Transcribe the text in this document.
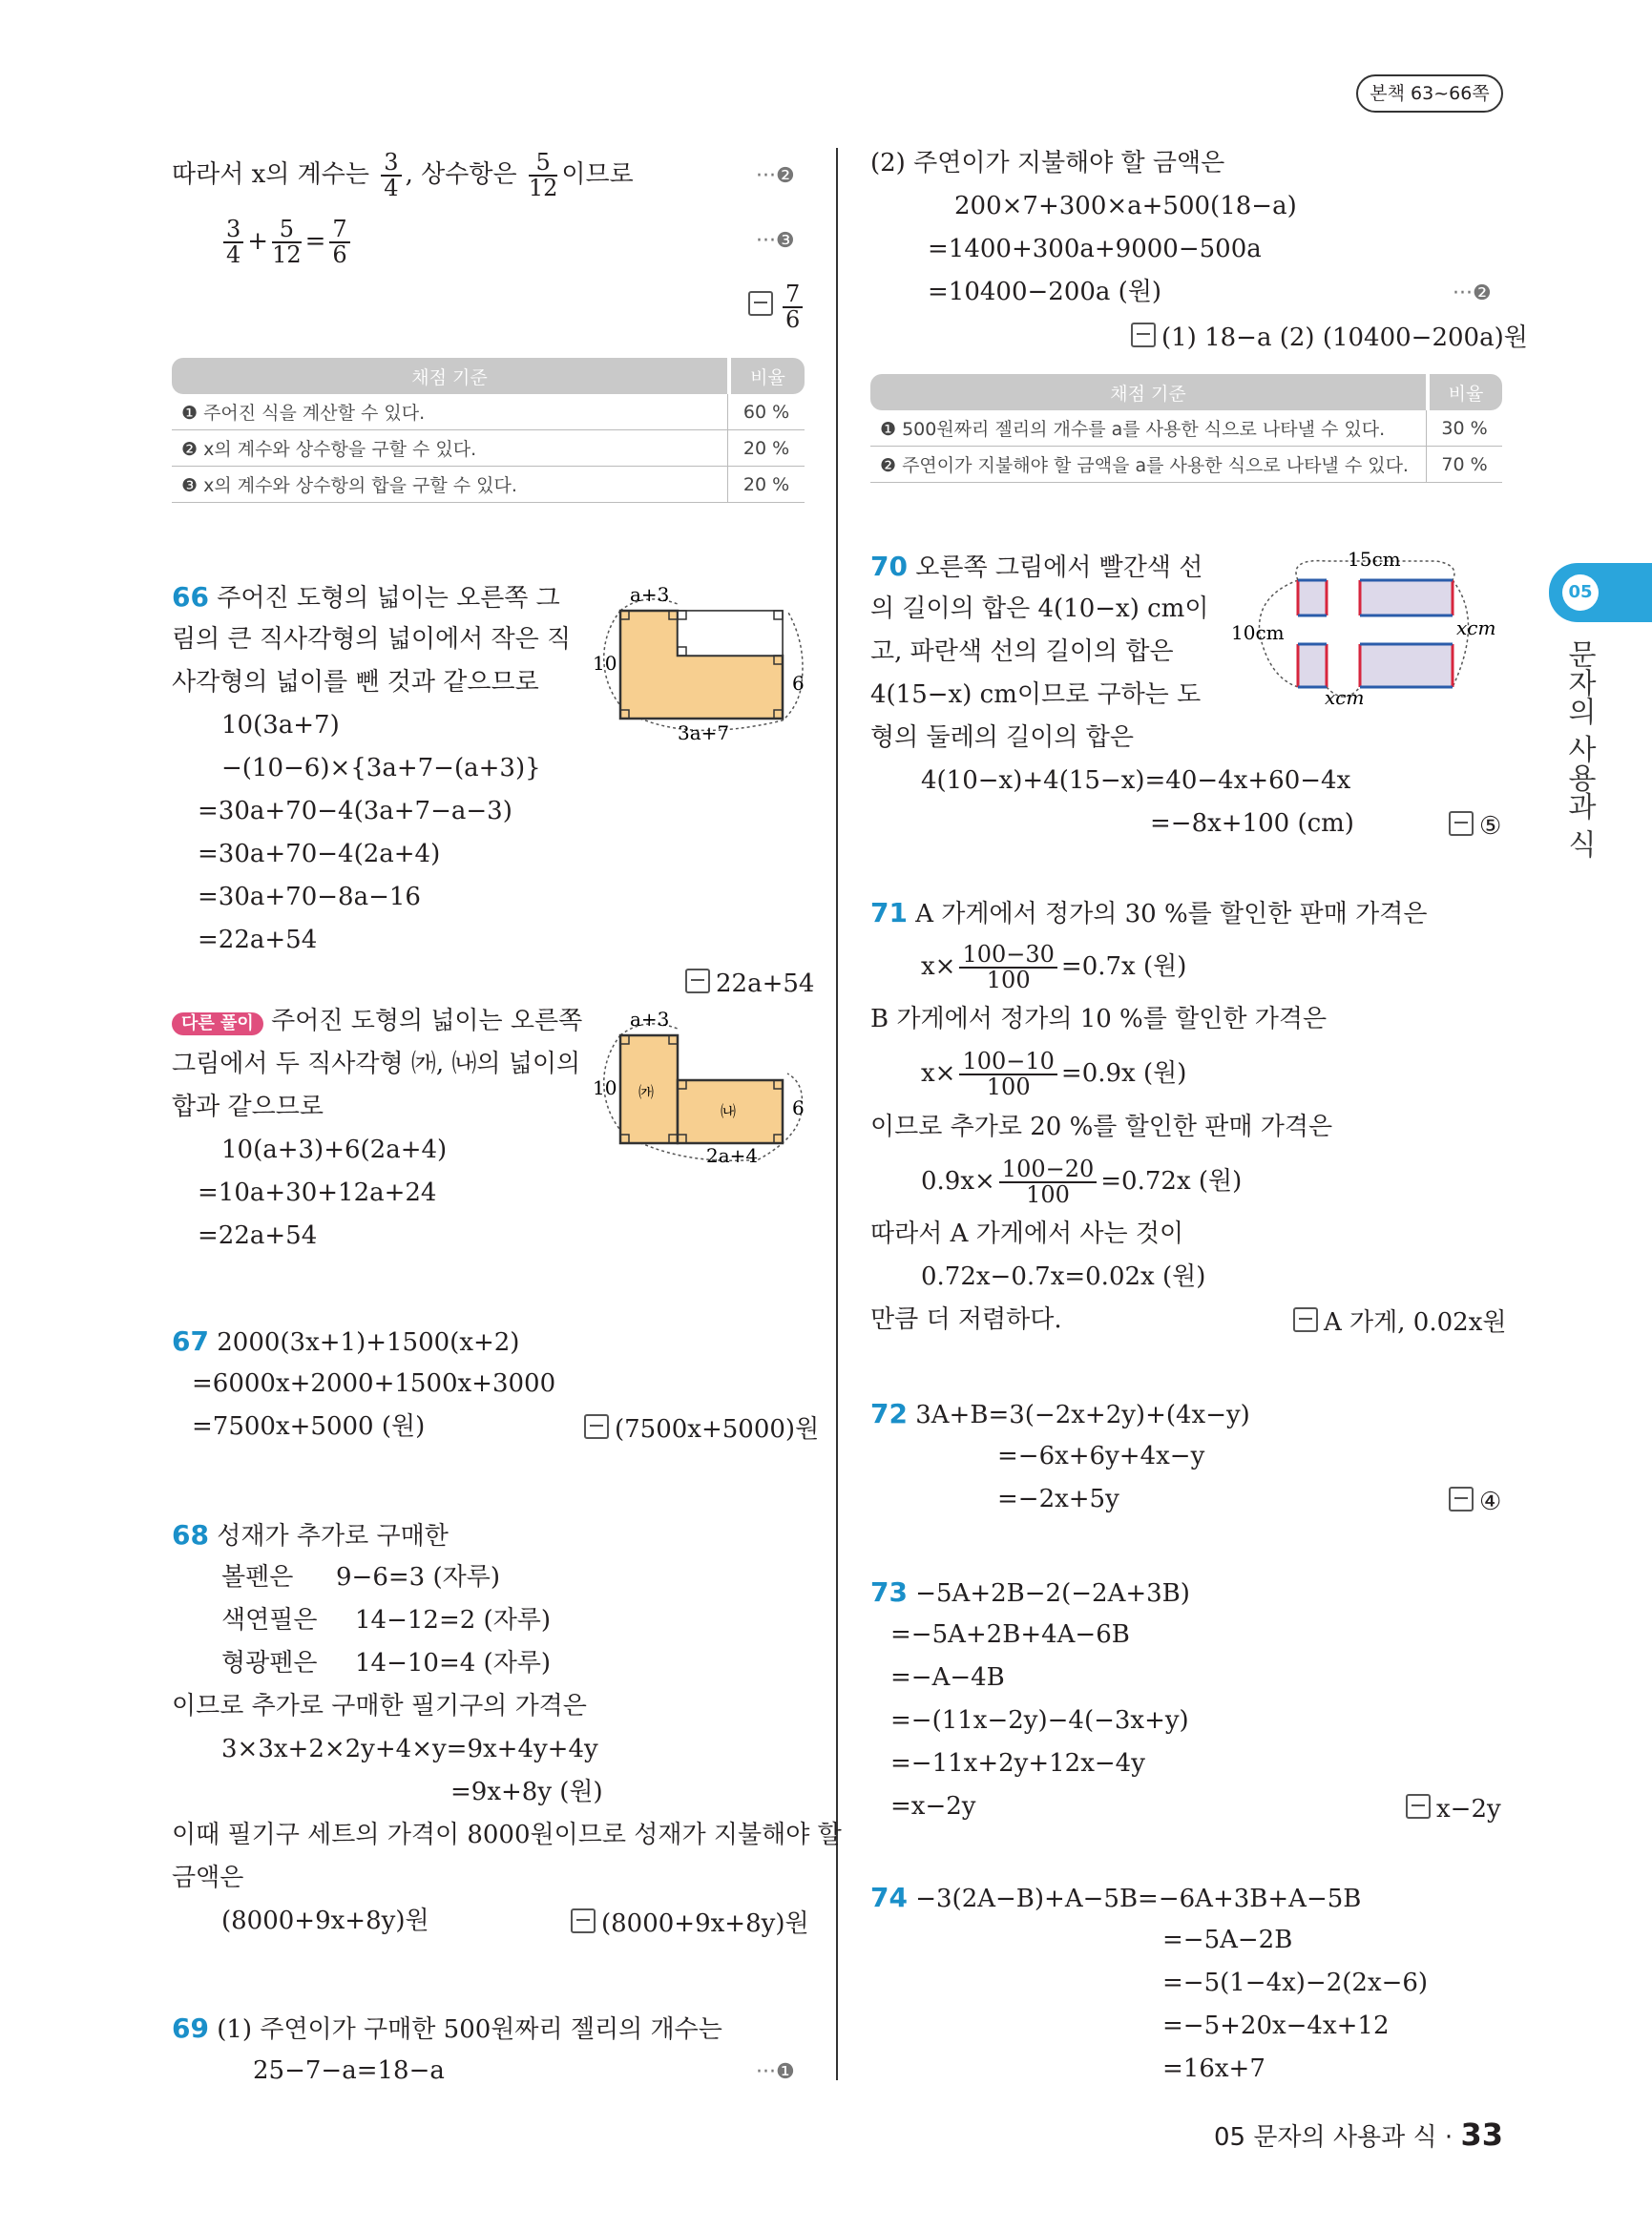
본책 63~66쪽
05
문자의 사용과 식
따라서 x의 계수는 $\frac{3}{4}$ , 상수항은 $\frac{5}{12}$ 이므로	···❷
$\frac{3}{4} + \frac{5}{12} = \frac{7}{6}$	···❸
$\frac{7}{6}$
채점 기준	비율
❶ 주어진 식을 계산할 수 있다.	60 %
❷ x의 계수와 상수항을 구할 수 있다.	20 %
❸ x의 계수와 상수항의 합을 구할 수 있다.	20 %
66 주어진 도형의 넓이는 오른쪽 그
림의 큰 직사각형의 넓이에서 작은 직
사각형의 넓이를 뺀 것과 같으므로
10(3a+7)
−(10−6)×{3a+7−(a+3)}
=30a+70−4(3a+7−a−3)
=30a+70−4(2a+4)
=30a+70−8a−16
=22a+54
22a+54
a+3
10
6
3a+7
다른 풀이 주어진 도형의 넓이는 오른쪽
그림에서 두 직사각형 ㈎, ㈏의 넓이의
합과 같으므로
10(a+3)+6(2a+4)
=10a+30+12a+24
=22a+54
㈎
㈏
a+3
10
6
2a+4
67 2000(3x+1)+1500(x+2)
=6000x+2000+1500x+3000
=7500x+5000 (원)	(7500x+5000)원
68 성재가 추가로 구매한
볼펜은 9−6=3 (자루)
색연필은 14−12=2 (자루)
형광펜은 14−10=4 (자루)
이므로 추가로 구매한 필기구의 가격은
3×3x+2×2y+4×y=9x+4y+4y
=9x+8y (원)
이때 필기구 세트의 가격이 8000원이므로 성재가 지불해야 할
금액은
(8000+9x+8y)원	(8000+9x+8y)원
69 (1) 주연이가 구매한 500원짜리 젤리의 개수는
25−7−a=18−a	···❶
(2) 주연이가 지불해야 할 금액은
200×7+300×a+500(18−a)
=1400+300a+9000−500a
=10400−200a (원)	···❷
(1) 18−a (2) (10400−200a)원
채점 기준	비율
❶ 500원짜리 젤리의 개수를 a를 사용한 식으로 나타낼 수 있다.	30 %
❷ 주연이가 지불해야 할 금액을 a를 사용한 식으로 나타낼 수 있다.	70 %
70 오른쪽 그림에서 빨간색 선
의 길이의 합은 4(10−x) cm이
고, 파란색 선의 길이의 합은
4(15−x) cm이므로 구하는 도
형의 둘레의 길이의 합은
4(10−x)+4(15−x)=40−4x+60−4x
=−8x+100 (cm)	⑤
15cm
10cm	xcm
xcm
71 A 가게에서 정가의 30 %를 할인한 판매 가격은
$x\times \frac{100-30}{100} =0.7x$ (원)
B 가게에서 정가의 10 %를 할인한 가격은
$x\times \frac{100-10}{100} =0.9x$ (원)
이므로 추가로 20 %를 할인한 판매 가격은
$0.9x\times \frac{100-20}{100} =0.72x$ (원)
따라서 A 가게에서 사는 것이
0.72x−0.7x=0.02x (원)
만큼 더 저렴하다.	A 가게, 0.02x원
72 3A+B=3(−2x+2y)+(4x−y)
=−6x+6y+4x−y
=−2x+5y	④
73 −5A+2B−2(−2A+3B)
=−5A+2B+4A−6B
=−A−4B
=−(11x−2y)−4(−3x+y)
=−11x+2y+12x−4y
=x−2y	x−2y
74 −3(2A−B)+A−5B=−6A+3B+A−5B
=−5A−2B
=−5(1−4x)−2(2x−6)
=−5+20x−4x+12
=16x+7
05 문자의 사용과 식 · 33
